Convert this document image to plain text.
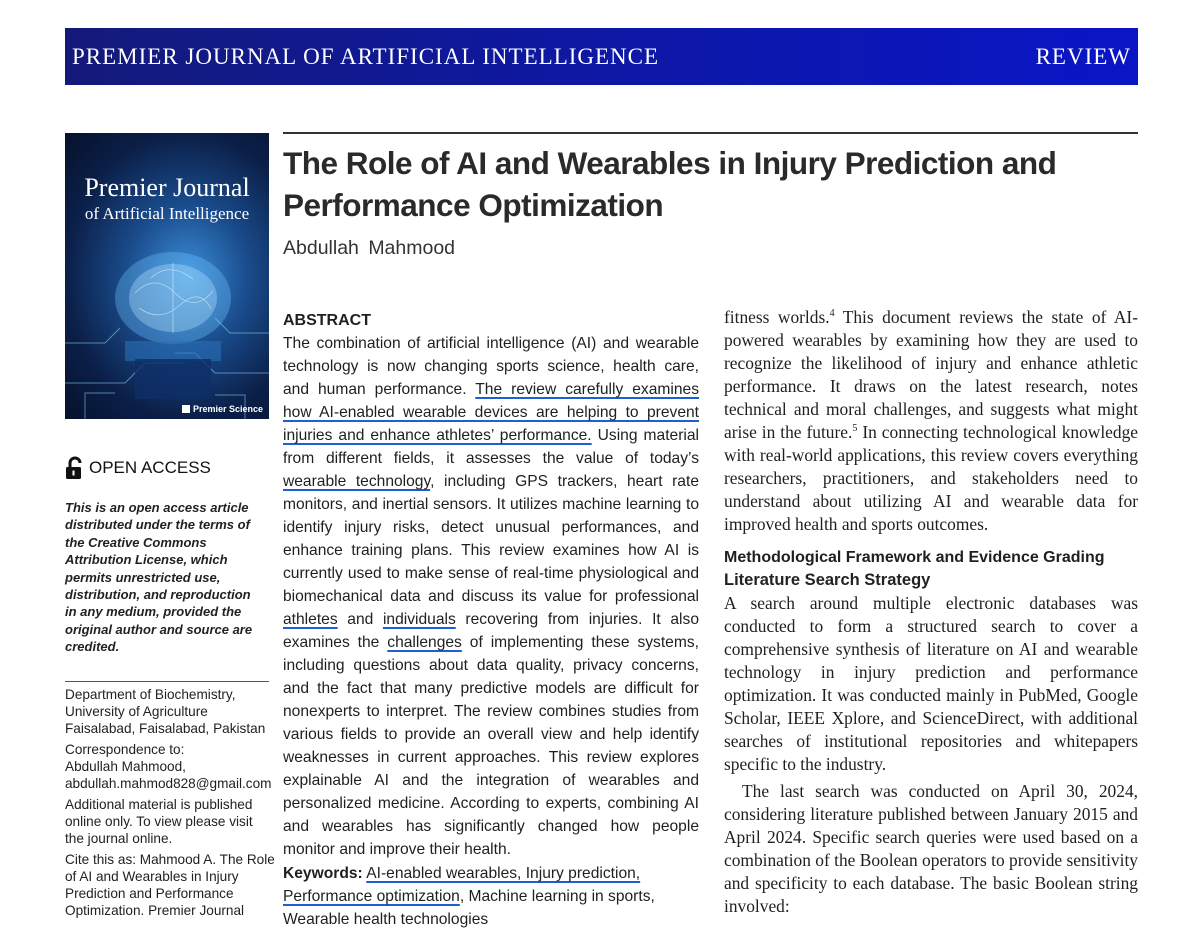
PREMIER JOURNAL OF ARTIFICIAL INTELLIGENCE	REVIEW
Premier Journal
of Artificial Intelligence
Premier Science
The Role of AI and Wearables in Injury Prediction and Performance Optimization
Abdullah Mahmood
OPEN ACCESS
This is an open access article distributed under the terms of the Creative Commons Attribution License, which permits unrestricted use, distribution, and reproduction in any medium, provided the original author and source are credited.

Department of Biochemistry, University of Agriculture Faisalabad, Faisalabad, Pakistan

Correspondence to:
Abdullah Mahmood,
abdullah.mahmod828@gmail.com

Additional material is published online only. To view please visit the journal online.

Cite this as: Mahmood A. The Role of AI and Wearables in Injury Prediction and Performance Optimization. Premier Journal

ABSTRACT
The combination of artificial intelligence (AI) and wearable technology is now changing sports science, health care, and human performance. The review carefully examines how AI-enabled wearable devices are helping to prevent injuries and enhance athletes’ performance. Using material from different fields, it assesses the value of today’s wearable technology, including GPS trackers, heart rate monitors, and inertial sensors. It utilizes machine learning to identify injury risks, detect unusual performances, and enhance training plans. This review examines how AI is currently used to make sense of real-time physiological and biomechanical data and discuss its value for professional athletes and individuals recovering from injuries. It also examines the challenges of implementing these systems, including questions about data quality, privacy concerns, and the fact that many predictive models are difficult for nonexperts to interpret. The review combines studies from various fields to provide an overall view and help identify weaknesses in current approaches. This review explores explainable AI and the integration of wearables and personalized medicine. According to experts, combining AI and wearables has significantly changed how people monitor and improve their health.
Keywords: AI-enabled wearables, Injury prediction, Performance optimization, Machine learning in sports, Wearable health technologies

fitness worlds.$^4$ This document reviews the state of AI-powered wearables by examining how they are used to recognize the likelihood of injury and enhance athletic performance. It draws on the latest research, notes technical and moral challenges, and suggests what might arise in the future.$^5$ In connecting technological knowledge with real-world applications, this review covers everything researchers, practitioners, and stakeholders need to understand about utilizing AI and wearable data for improved health and sports outcomes.

Methodological Framework and Evidence Grading
Literature Search Strategy

A search around multiple electronic databases was conducted to form a structured search to cover a comprehensive synthesis of literature on AI and wearable technology in injury prediction and performance optimization. It was conducted mainly in PubMed, Google Scholar, IEEE Xplore, and ScienceDirect, with additional searches of institutional repositories and whitepapers specific to the industry.

The last search was conducted on April 30, 2024, considering literature published between January 2015 and April 2024. Specific search queries were used based on a combination of the Boolean operators to provide sensitivity and specificity to each database. The basic Boolean string involved:
